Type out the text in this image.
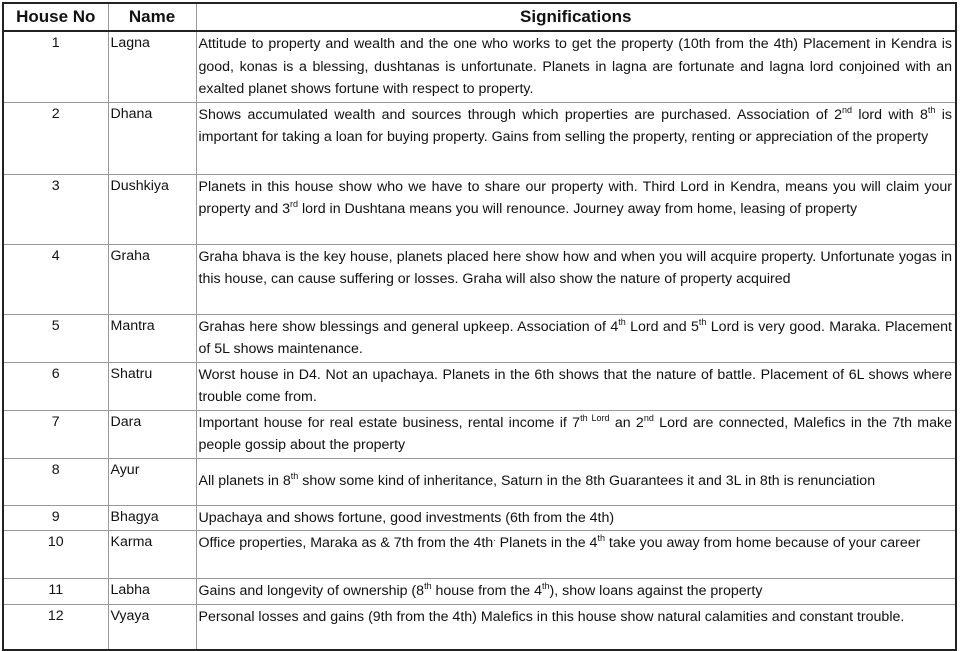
House No	Name	Significations
1	Lagna	Attitude to property and wealth and the one who works to get the property (10th from the 4th) Placement in Kendra is good, konas is a blessing, dushtanas is unfortunate. Planets in lagna are fortunate and lagna lord conjoined with an exalted planet shows fortune with respect to property.
2	Dhana	Shows accumulated wealth and sources through which properties are purchased. Association of 2nd lord with 8th is important for taking a loan for buying property. Gains from selling the property, renting or appreciation of the property
3	Dushkiya	Planets in this house show who we have to share our property with. Third Lord in Kendra, means you will claim your property and 3rd lord in Dushtana means you will renounce. Journey away from home, leasing of property
4	Graha	Graha bhava is the key house, planets placed here show how and when you will acquire property. Unfortunate yogas in this house, can cause suffering or losses. Graha will also show the nature of property acquired
5	Mantra	Grahas here show blessings and general upkeep. Association of 4th Lord and 5th Lord is very good. Maraka. Placement of 5L shows maintenance.
6	Shatru	Worst house in D4. Not an upachaya. Planets in the 6th shows that the nature of battle. Placement of 6L shows where trouble come from.
7	Dara	Important house for real estate business, rental income if $7^{th Lord}$ an 2nd Lord are connected, Malefics in the 7th make people gossip about the property
8	Ayur	All planets in 8th show some kind of inheritance, Saturn in the 8th Guarantees it and 3L in 8th is renunciation
9	Bhagya	Upachaya and shows fortune, good investments (6th from the 4th)
10	Karma	Office properties, Maraka as & 7th from the 4th. Planets in the 4th take you away from home because of your career
11	Labha	Gains and longevity of ownership (8th house from the 4th), show loans against the property
12	Vyaya	Personal losses and gains (9th from the 4th) Malefics in this house show natural calamities and constant trouble.
